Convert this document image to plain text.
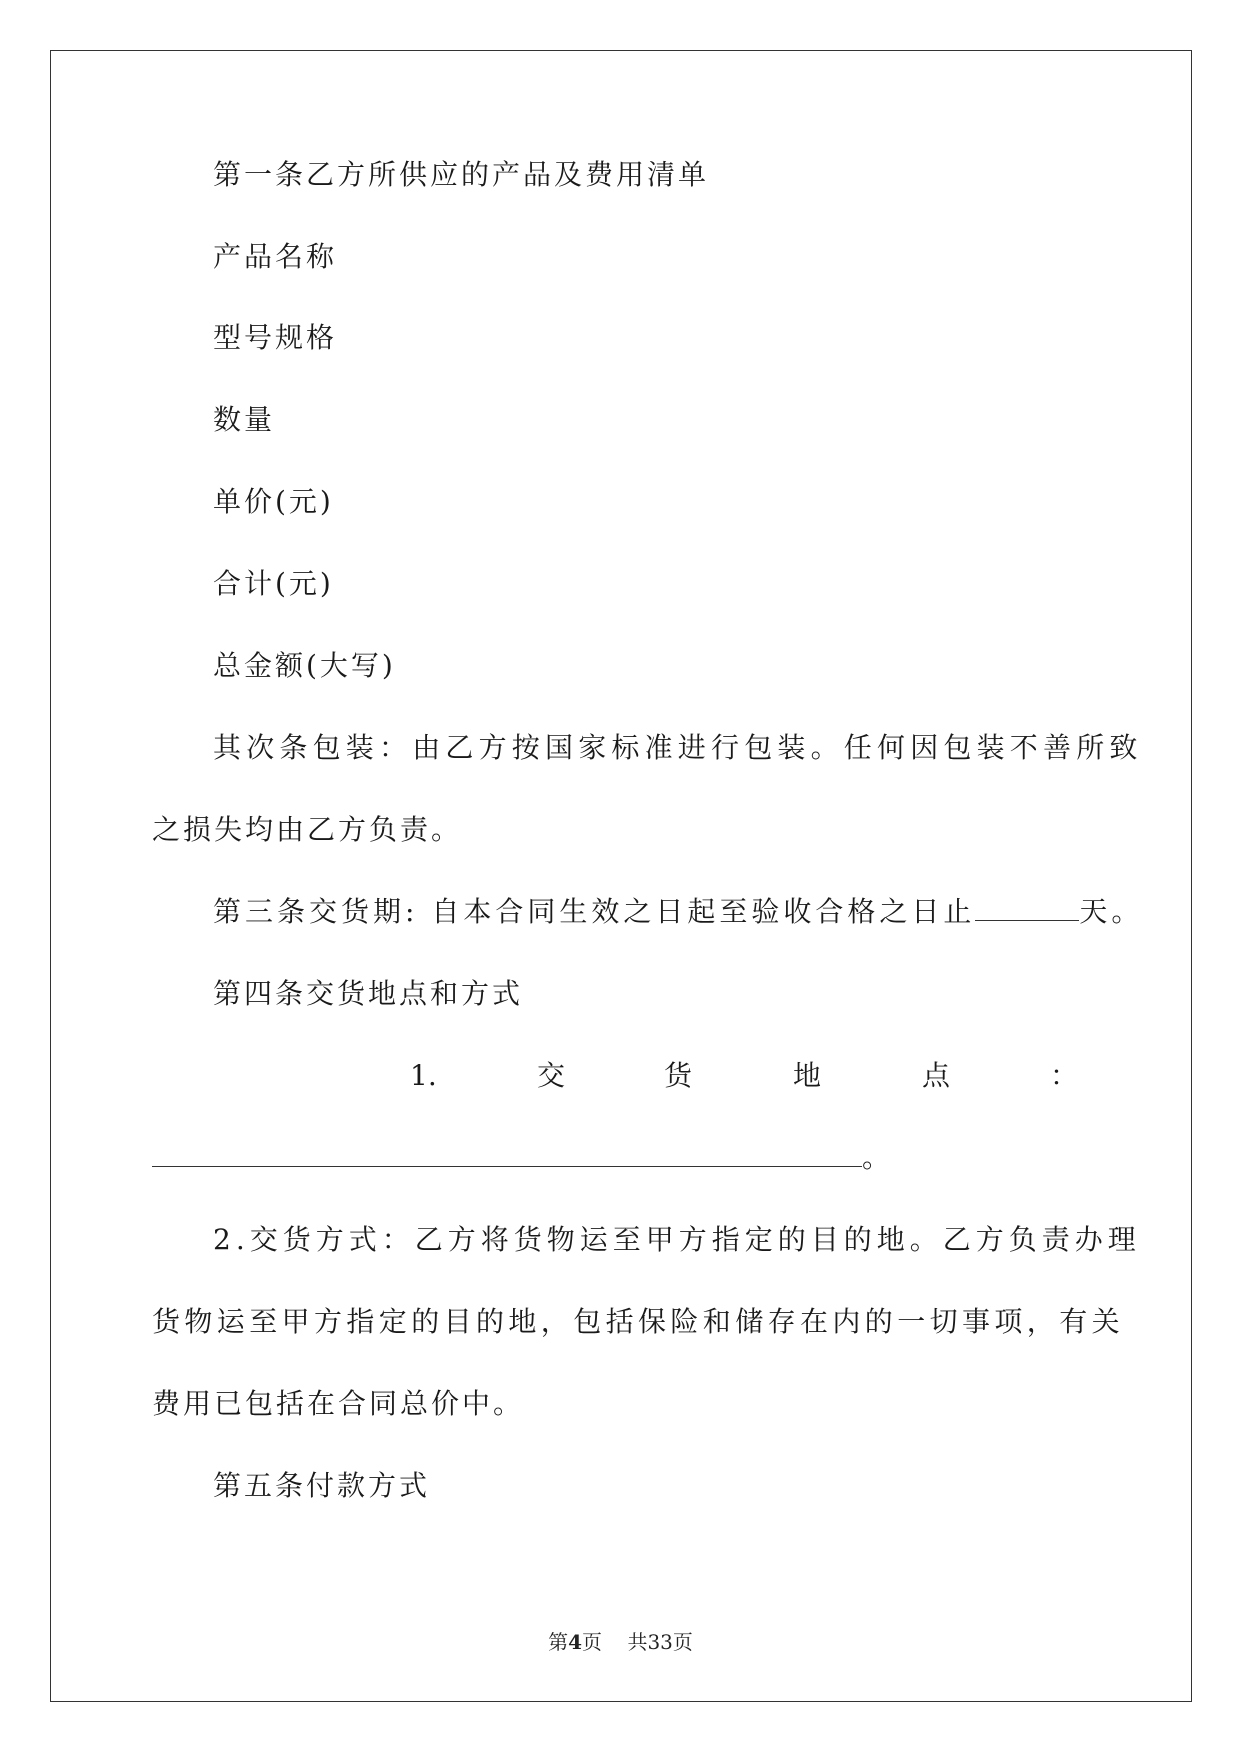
第一条乙方所供应的产品及费用清单
产品名称
型号规格
数量
单价(元)
合计(元)
总金额(大写)
其次条包装：由乙方按国家标准进行包装。任何因包装不善所致
之损失均由乙方负责。
第三条交货期: 自本合同生效之日起至验收合格之日止	天。
第四条交货地点和方式
1.	交	货	地	点	：
。
2.交货方式：乙方将货物运至甲方指定的目的地。乙方负责办理
货物运至甲方指定的目的地，包括保险和储存在内的一切事项，有关
费用已包括在合同总价中。
第五条付款方式
第4页 共33页
